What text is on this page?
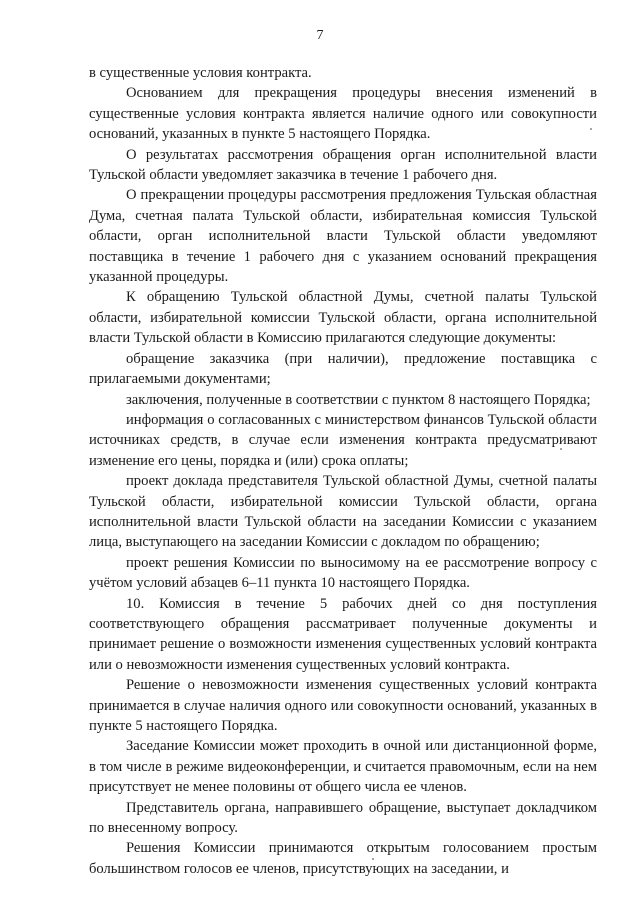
7

в существенные условия контракта.

Основанием для прекращения процедуры внесения изменений в существенные условия контракта является наличие одного или совокупности оснований, указанных в пункте 5 настоящего Порядка.

О результатах рассмотрения обращения орган исполнительной власти Тульской области уведомляет заказчика в течение 1 рабочего дня.

О прекращении процедуры рассмотрения предложения Тульская областная Дума, счетная палата Тульской области, избирательная комиссия Тульской области, орган исполнительной власти Тульской области уведомляют поставщика в течение 1 рабочего дня с указанием оснований прекращения указанной процедуры.

К обращению Тульской областной Думы, счетной палаты Тульской области, избирательной комиссии Тульской области, органа исполнительной власти Тульской области в Комиссию прилагаются следующие документы:

обращение заказчика (при наличии), предложение поставщика с прилагаемыми документами;

заключения, полученные в соответствии с пунктом 8 настоящего Порядка;

информация о согласованных с министерством финансов Тульской области источниках средств, в случае если изменения контракта предусматривают изменение его цены, порядка и (или) срока оплаты;

проект доклада представителя Тульской областной Думы, счетной палаты Тульской области, избирательной комиссии Тульской области, органа исполнительной власти Тульской области на заседании Комиссии с указанием лица, выступающего на заседании Комиссии с докладом по обращению;

проект решения Комиссии по выносимому на ее рассмотрение вопросу с учётом условий абзацев 6–11 пункта 10 настоящего Порядка.

10. Комиссия в течение 5 рабочих дней со дня поступления соответствующего обращения рассматривает полученные документы и принимает решение о возможности изменения существенных условий контракта или о невозможности изменения существенных условий контракта.

Решение о невозможности изменения существенных условий контракта принимается в случае наличия одного или совокупности оснований, указанных в пункте 5 настоящего Порядка.

Заседание Комиссии может проходить в очной или дистанционной форме, в том числе в режиме видеоконференции, и считается правомочным, если на нем присутствует не менее половины от общего числа ее членов.

Представитель органа, направившего обращение, выступает докладчиком по внесенному вопросу.

Решения Комиссии принимаются открытым голосованием простым большинством голосов ее членов, присутствующих на заседании, и
